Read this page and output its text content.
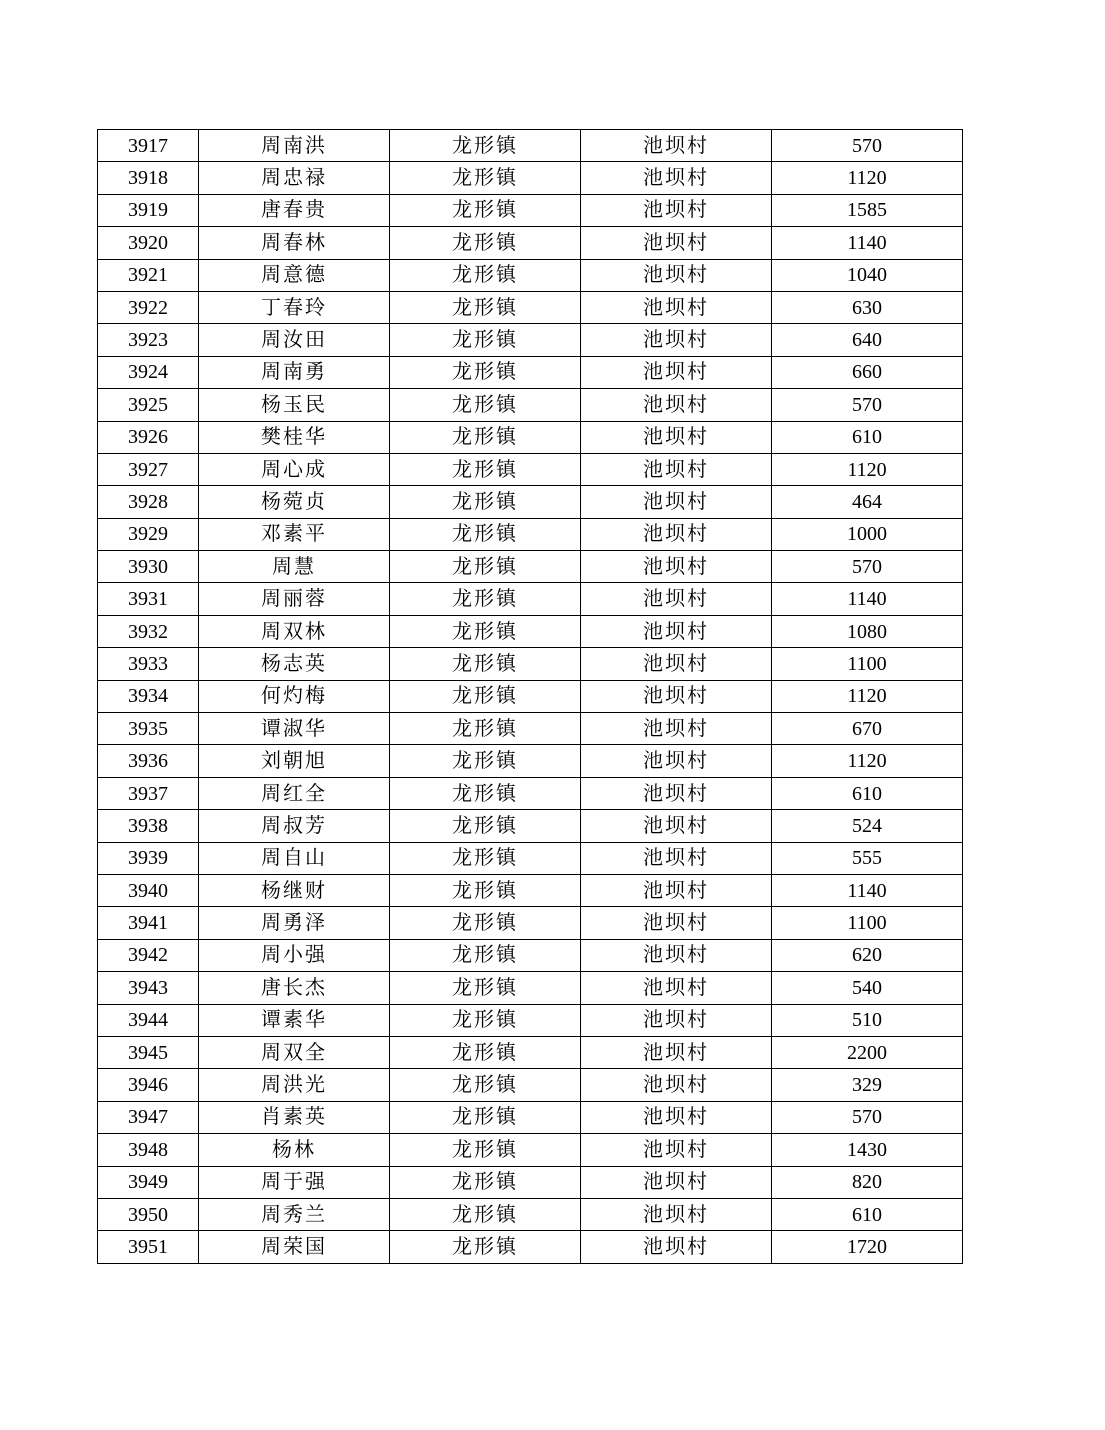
3917	周南洪	龙形镇	池坝村	570
3918	周忠禄	龙形镇	池坝村	1120
3919	唐春贵	龙形镇	池坝村	1585
3920	周春林	龙形镇	池坝村	1140
3921	周意德	龙形镇	池坝村	1040
3922	丁春玲	龙形镇	池坝村	630
3923	周汝田	龙形镇	池坝村	640
3924	周南勇	龙形镇	池坝村	660
3925	杨玉民	龙形镇	池坝村	570
3926	樊桂华	龙形镇	池坝村	610
3927	周心成	龙形镇	池坝村	1120
3928	杨菀贞	龙形镇	池坝村	464
3929	邓素平	龙形镇	池坝村	1000
3930	周慧	龙形镇	池坝村	570
3931	周丽蓉	龙形镇	池坝村	1140
3932	周双林	龙形镇	池坝村	1080
3933	杨志英	龙形镇	池坝村	1100
3934	何灼梅	龙形镇	池坝村	1120
3935	谭淑华	龙形镇	池坝村	670
3936	刘朝旭	龙形镇	池坝村	1120
3937	周红全	龙形镇	池坝村	610
3938	周叔芳	龙形镇	池坝村	524
3939	周自山	龙形镇	池坝村	555
3940	杨继财	龙形镇	池坝村	1140
3941	周勇泽	龙形镇	池坝村	1100
3942	周小强	龙形镇	池坝村	620
3943	唐长杰	龙形镇	池坝村	540
3944	谭素华	龙形镇	池坝村	510
3945	周双全	龙形镇	池坝村	2200
3946	周洪光	龙形镇	池坝村	329
3947	肖素英	龙形镇	池坝村	570
3948	杨林	龙形镇	池坝村	1430
3949	周于强	龙形镇	池坝村	820
3950	周秀兰	龙形镇	池坝村	610
3951	周荣国	龙形镇	池坝村	1720
